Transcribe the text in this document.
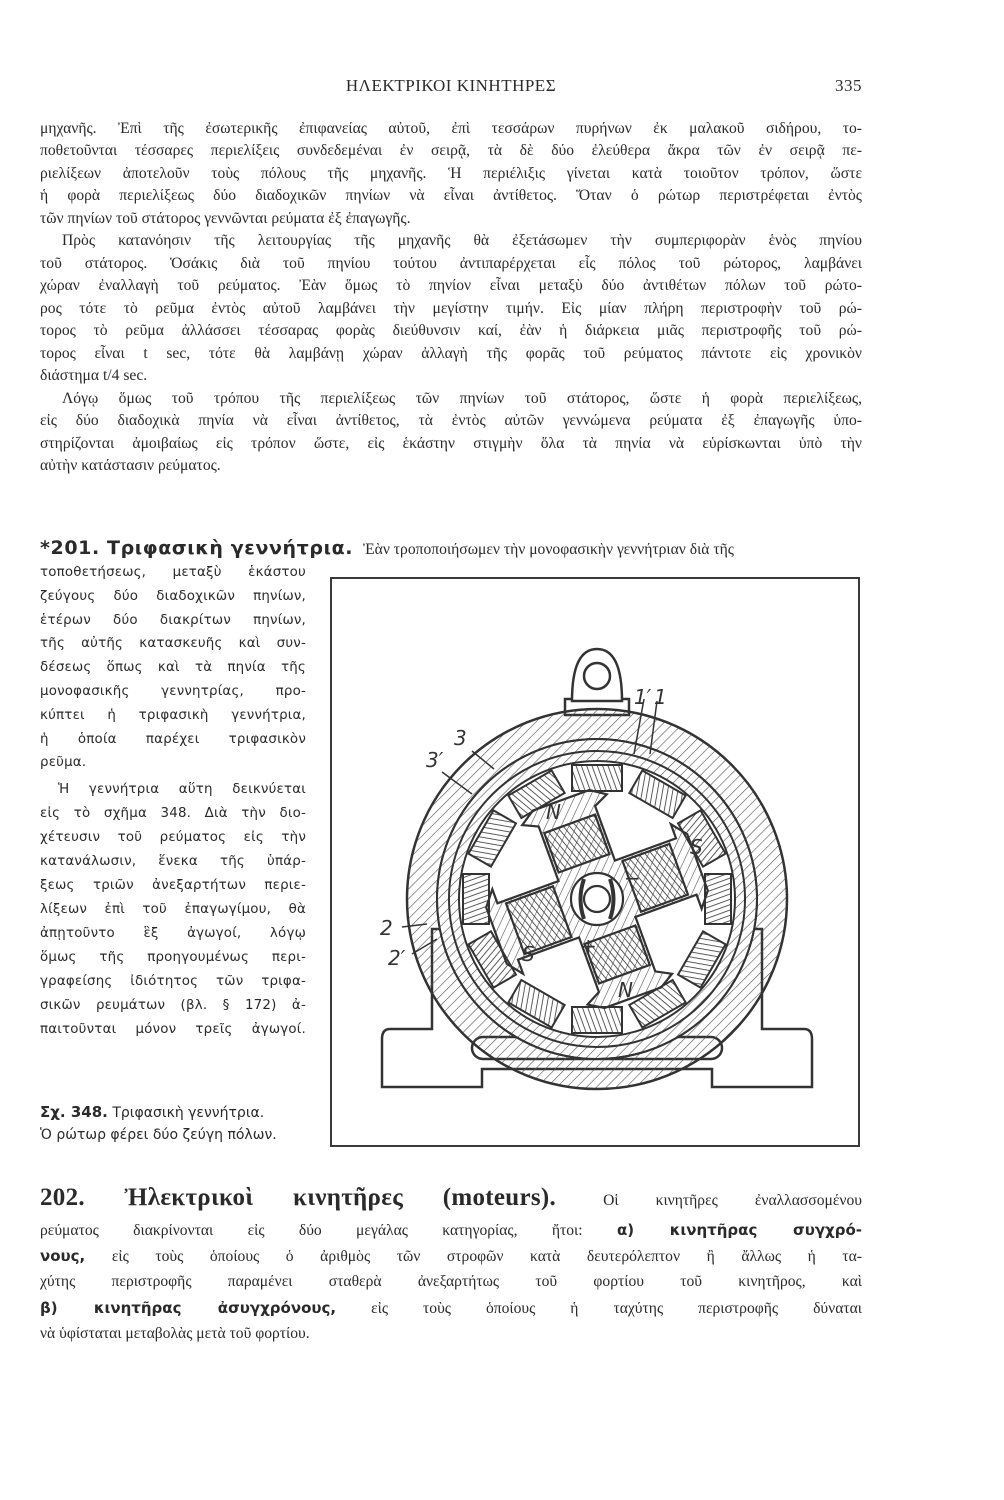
ΗΛΕΚΤΡΙΚΟΙ ΚΙΝΗΤΗΡΕΣ	335
μηχανῆς. Ἐπὶ τῆς ἐσωτερικῆς ἐπιφανείας αὐτοῦ, ἐπὶ τεσσάρων πυρήνων ἐκ μαλακοῦ σιδήρου, το-
ποθετοῦνται τέσσαρες περιελίξεις συνδεδεμέναι ἐν σειρᾷ, τὰ δὲ δύο ἐλεύθερα ἄκρα τῶν ἐν σειρᾷ πε-
ριελίξεων ἀποτελοῦν τοὺς πόλους τῆς μηχανῆς. Ἡ περιέλιξις γίνεται κατὰ τοιοῦτον τρόπον, ὥστε
ἡ φορὰ περιελίξεως δύο διαδοχικῶν πηνίων νὰ εἶναι ἀντίθετος. Ὅταν ὁ ρώτωρ περιστρέφεται ἐντὸς
τῶν πηνίων τοῦ στάτορος γεννῶνται ρεύματα ἐξ ἐπαγωγῆς.
Πρὸς κατανόησιν τῆς λειτουργίας τῆς μηχανῆς θὰ ἐξετάσωμεν τὴν συμπεριφορὰν ἑνὸς πηνίου
τοῦ στάτορος. Ὁσάκις διὰ τοῦ πηνίου τούτου ἀντιπαρέρχεται εἷς πόλος τοῦ ρώτορος, λαμβάνει
χώραν ἐναλλαγὴ τοῦ ρεύματος. Ἐὰν ὅμως τὸ πηνίον εἶναι μεταξὺ δύο ἀντιθέτων πόλων τοῦ ρώτο-
ρος τότε τὸ ρεῦμα ἐντὸς αὐτοῦ λαμβάνει τὴν μεγίστην τιμήν. Εἰς μίαν πλήρη περιστροφὴν τοῦ ρώ-
τορος τὸ ρεῦμα ἀλλάσσει τέσσαρας φορὰς διεύθυνσιν καί, ἐὰν ἡ διάρκεια μιᾶς περιστροφῆς τοῦ ρώ-
τορος εἶναι t sec, τότε θὰ λαμβάνῃ χώραν ἀλλαγὴ τῆς φορᾶς τοῦ ρεύματος πάντοτε εἰς χρονικὸν
διάστημα t/4 sec.
Λόγῳ ὅμως τοῦ τρόπου τῆς περιελίξεως τῶν πηνίων τοῦ στάτορος, ὥστε ἡ φορὰ περιελίξεως,
εἰς δύο διαδοχικὰ πηνία νὰ εἶναι ἀντίθετος, τὰ ἐντὸς αὐτῶν γεννώμενα ρεύματα ἐξ ἐπαγωγῆς ὑπο-
στηρίζονται ἀμοιβαίως εἰς τρόπον ὥστε, εἰς ἑκάστην στιγμὴν ὅλα τὰ πηνία νὰ εὑρίσκωνται ὑπὸ τὴν
αὐτὴν κατάστασιν ρεύματος.
*201. Τριφασικὴ γεννήτρια. Ἐὰν τροποποιήσωμεν τὴν μονοφασικὴν γεννήτριαν διὰ τῆς
τοποθετήσεως, μεταξὺ ἑκάστου
ζεύγους δύο διαδοχικῶν πηνίων,
ἑτέρων δύο διακρίτων πηνίων,
τῆς αὐτῆς κατασκευῆς καὶ συν-
δέσεως ὅπως καὶ τὰ πηνία τῆς
μονοφασικῆς γεννητρίας, προ-
κύπτει ἡ τριφασικὴ γεννήτρια,
ἡ ὁποία παρέχει τριφασικὸν
ρεῦμα.
Ἡ γεννήτρια αὕτη δεικνύεται
εἰς τὸ σχῆμα 348. Διὰ τὴν διο-
χέτευσιν τοῦ ρεύματος εἰς τὴν
κατανάλωσιν, ἕνεκα τῆς ὑπάρ-
ξεως τριῶν ἀνεξαρτήτων περιε-
λίξεων ἐπὶ τοῦ ἐπαγωγίμου, θὰ
ἀπῃτοῦντο ἓξ ἀγωγοί, λόγῳ
ὅμως τῆς προηγουμένως περι-
γραφείσης ἰδιότητος τῶν τριφα-
σικῶν ρευμάτων (βλ. § 172) ἀ-
παιτοῦνται μόνον τρεῖς ἀγωγοί.
Σχ. 348. Τριφασικὴ γεννήτρια.
Ὁ ρώτωρ φέρει δύο ζεύγη πόλων.
N
S
S
N
+
−
1′ 1
3
3′
2
2′
202. Ἠλεκτρικοὶ κινητῆρες (moteurs).	Οἱ κινητῆρες ἐναλλασσομένου
ρεύματος διακρίνονται εἰς δύο μεγάλας κατηγορίας, ἤτοι: α) κινητῆρας συγχρό-
νους, εἰς τοὺς ὁποίους ὁ ἀριθμὸς τῶν στροφῶν κατὰ δευτερόλεπτον ἢ ἄλλως ἡ τα-
χύτης περιστροφῆς παραμένει σταθερὰ ἀνεξαρτήτως τοῦ φορτίου τοῦ κινητῆρος, καὶ
β) κινητῆρας ἀσυγχρόνους, εἰς τοὺς ὁποίους ἡ ταχύτης περιστροφῆς δύναται
νὰ ὑφίσταται μεταβολὰς μετὰ τοῦ φορτίου.
